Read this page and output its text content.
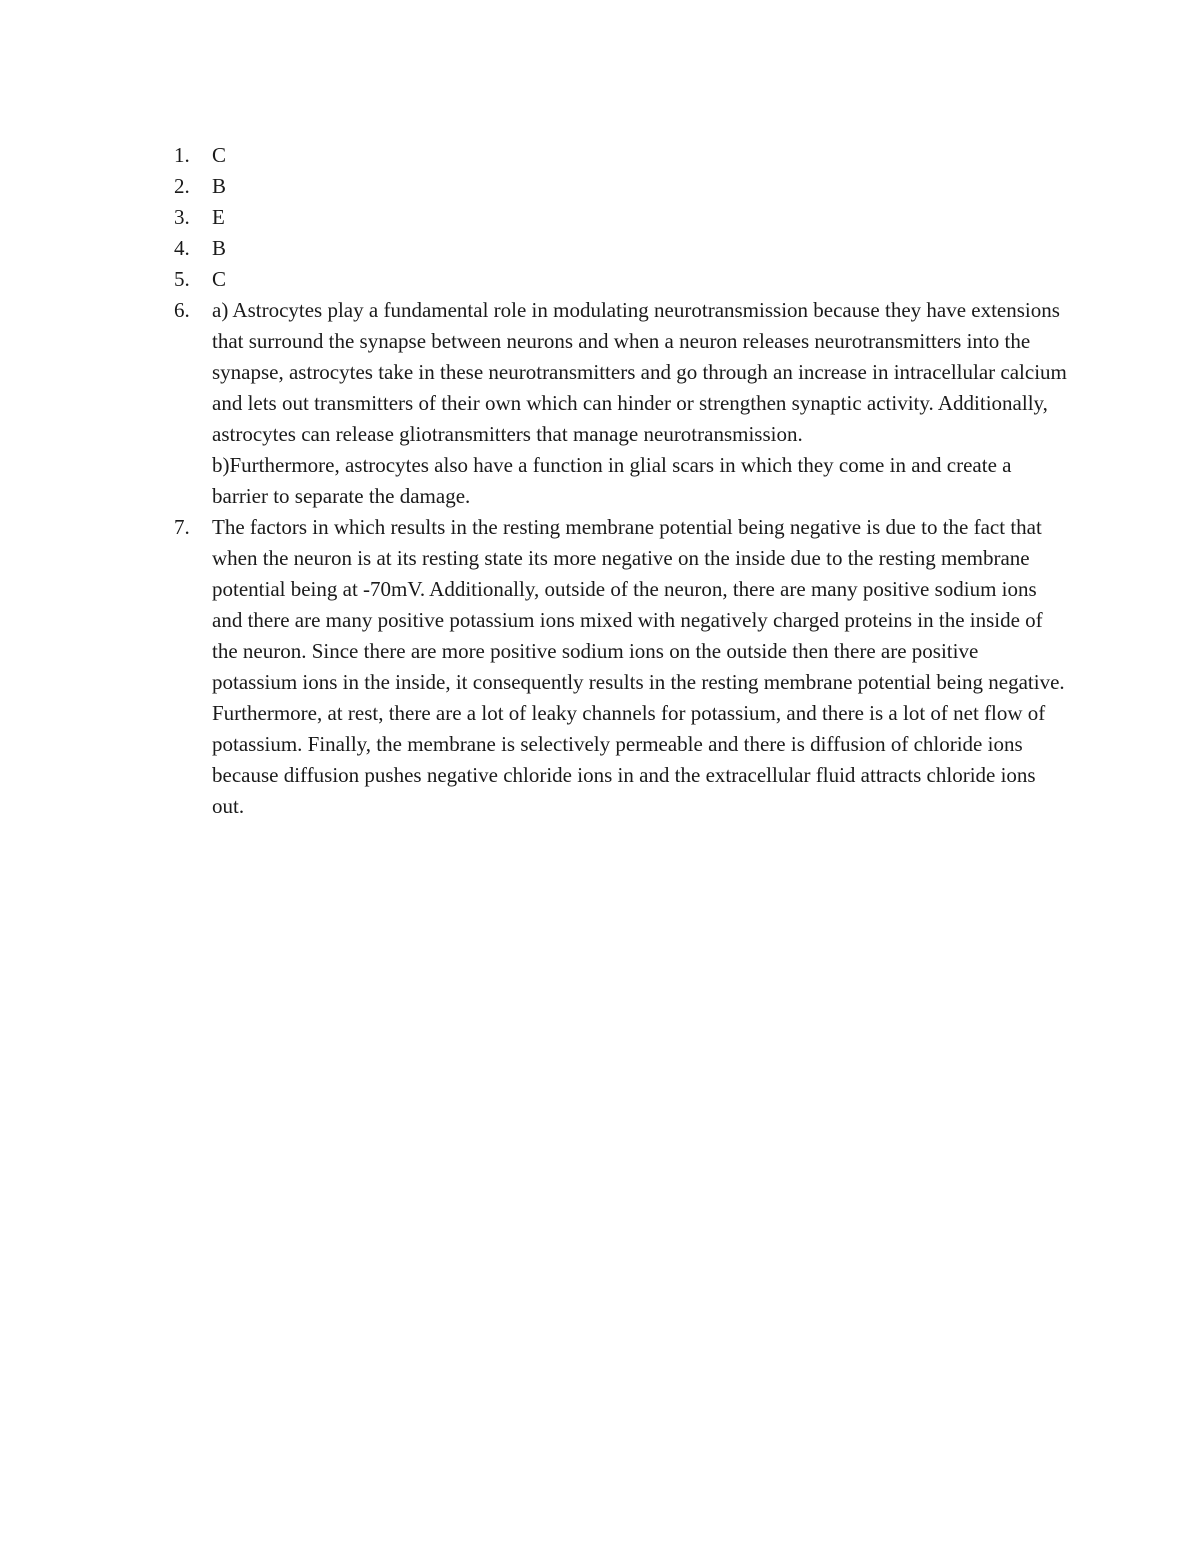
1.	C

2.	B

3.	E

4.	B

5.	C

6.	a) Astrocytes play a fundamental role in modulating neurotransmission because they have extensions that surround the synapse between neurons and when a neuron releases neurotransmitters into the synapse, astrocytes take in these neurotransmitters and go through an increase in intracellular calcium and lets out transmitters of their own which can hinder or strengthen synaptic activity. Additionally, astrocytes can release gliotransmitters that manage neurotransmission.

b)Furthermore, astrocytes also have a function in glial scars in which they come in and create a barrier to separate the damage.

7.	The factors in which results in the resting membrane potential being negative is due to the fact that when the neuron is at its resting state its more negative on the inside due to the resting membrane potential being at -70mV. Additionally, outside of the neuron, there are many positive sodium ions and there are many positive potassium ions mixed with negatively charged proteins in the inside of the neuron. Since there are more positive sodium ions on the outside then there are positive potassium ions in the inside, it consequently results in the resting membrane potential being negative. Furthermore, at rest, there are a lot of leaky channels for potassium, and there is a lot of net flow of potassium. Finally, the membrane is selectively permeable and there is diffusion of chloride ions because diffusion pushes negative chloride ions in and the extracellular fluid attracts chloride ions out.
